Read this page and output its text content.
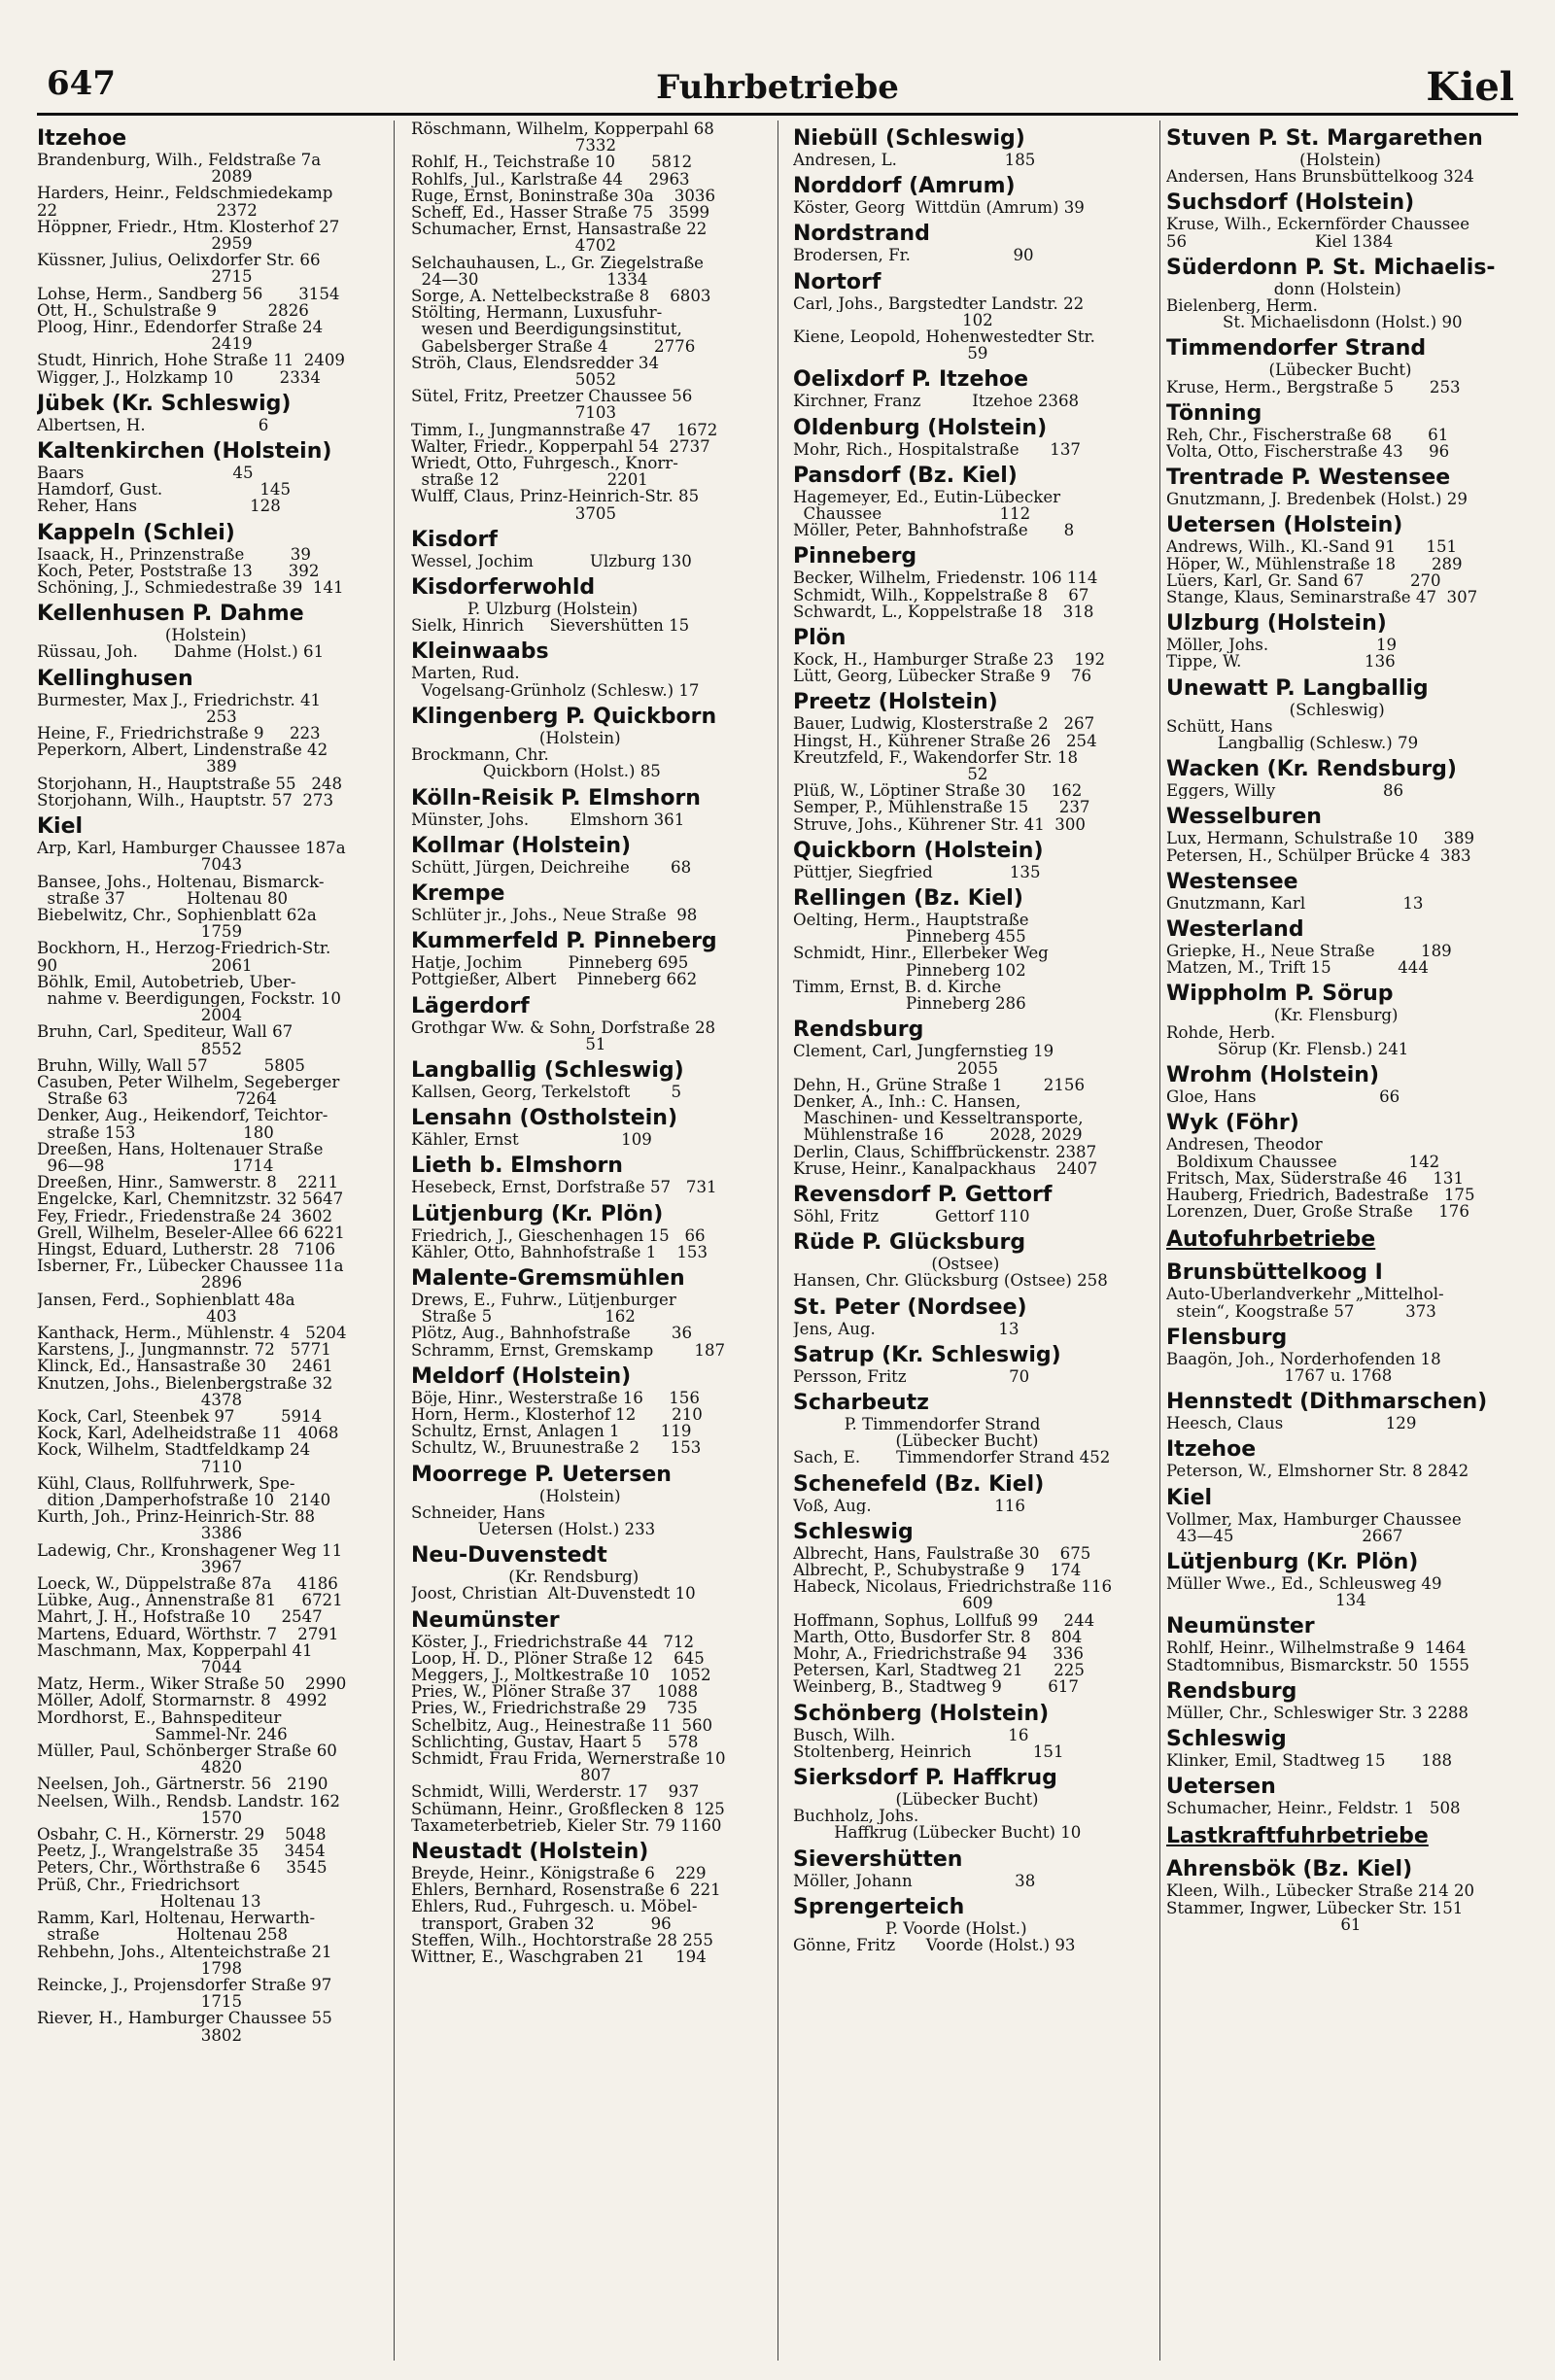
647	Fuhrbetriebe	Kiel
Itzehoe
Brandenburg, Wilh., Feldstraße 7a
2089
Harders, Heinr., Feldschmiedekamp
22                               2372
Höppner, Friedr., Htm. Klosterhof 27
2959
Küssner, Julius, Oelixdorfer Str. 66
2715
Lohse, Herm., Sandberg 56       3154
Ott, H., Schulstraße 9          2826
Ploog, Hinr., Edendorfer Straße 24
2419
Studt, Hinrich, Hohe Straße 11  2409
Wigger, J., Holzkamp 10         2334
Jübek (Kr. Schleswig)
Albertsen, H.                      6
Kaltenkirchen (Holstein)
Baars                             45
Hamdorf, Gust.                   145
Reher, Hans                      128
Kappeln (Schlei)
Isaack, H., Prinzenstraße         39
Koch, Peter, Poststraße 13       392
Schöning, J., Schmiedestraße 39  141
Kellenhusen P. Dahme
(Holstein)
Rüssau, Joh.       Dahme (Holst.) 61
Kellinghusen
Burmester, Max J., Friedrichstr. 41
253
Heine, F., Friedrichstraße 9     223
Peperkorn, Albert, Lindenstraße 42
389
Storjohann, H., Hauptstraße 55   248
Storjohann, Wilh., Hauptstr. 57  273
Kiel
Arp, Karl, Hamburger Chaussee 187a
7043
Bansee, Johs., Holtenau, Bismarck-
straße 37            Holtenau 80
Biebelwitz, Chr., Sophienblatt 62a
1759
Bockhorn, H., Herzog-Friedrich-Str.
90                              2061
Böhlk, Emil, Autobetrieb, Über-
nahme v. Beerdigungen, Fockstr. 10
2004
Bruhn, Carl, Spediteur, Wall 67
8552
Bruhn, Willy, Wall 57           5805
Casuben, Peter Wilhelm, Segeberger
Straße 63                     7264
Denker, Aug., Heikendorf, Teichtor-
straße 153                     180
Dreeßen, Hans, Holtenauer Straße
96—98                         1714
Dreeßen, Hinr., Samwerstr. 8    2211
Engelcke, Karl, Chemnitzstr. 32 5647
Fey, Friedr., Friedenstraße 24  3602
Grell, Wilhelm, Beseler-Allee 66 6221
Hingst, Eduard, Lutherstr. 28   7106
Isberner, Fr., Lübecker Chaussee 11a
2896
Jansen, Ferd., Sophienblatt 48a
403
Kanthack, Herm., Mühlenstr. 4   5204
Karstens, J., Jungmannstr. 72   5771
Klinck, Ed., Hansastraße 30     2461
Knutzen, Johs., Bielenbergstraße 32
4378
Kock, Carl, Steenbek 97         5914
Kock, Karl, Adelheidstraße 11   4068
Kock, Wilhelm, Stadtfeldkamp 24
7110
Kühl, Claus, Rollfuhrwerk, Spe-
dition ,Damperhofstraße 10   2140
Kurth, Joh., Prinz-Heinrich-Str. 88
3386
Ladewig, Chr., Kronshagener Weg 11
3967
Loeck, W., Düppelstraße 87a     4186
Lübke, Aug., Annenstraße 81     6721
Mahrt, J. H., Hofstraße 10      2547
Martens, Eduard, Wörthstr. 7    2791
Maschmann, Max, Kopperpahl 41
7044
Matz, Herm., Wiker Straße 50    2990
Möller, Adolf, Stormarnstr. 8   4992
Mordhorst, E., Bahnspediteur
Sammel-Nr. 246
Müller, Paul, Schönberger Straße 60
4820
Neelsen, Joh., Gärtnerstr. 56   2190
Neelsen, Wilh., Rendsb. Landstr. 162
1570
Osbahr, C. H., Körnerstr. 29    5048
Peetz, J., Wrangelstraße 35     3454
Peters, Chr., Wörthstraße 6     3545
Prüß, Chr., Friedrichsort
Holtenau 13
Ramm, Karl, Holtenau, Herwarth-
straße               Holtenau 258
Rehbehn, Johs., Altenteichstraße 21
1798
Reincke, J., Projensdorfer Straße 97
1715
Riever, H., Hamburger Chaussee 55
3802
Röschmann, Wilhelm, Kopperpahl 68
7332
Rohlf, H., Teichstraße 10       5812
Rohlfs, Jul., Karlstraße 44     2963
Ruge, Ernst, Boninstraße 30a    3036
Scheff, Ed., Hasser Straße 75   3599
Schumacher, Ernst, Hansastraße 22
4702
Selchauhausen, L., Gr. Ziegelstraße
24—30                         1334
Sorge, A. Nettelbeckstraße 8    6803
Stölting, Hermann, Luxusfuhr-
wesen und Beerdigungsinstitut,
Gabelsberger Straße 4         2776
Ströh, Claus, Elendsredder 34
5052
Sütel, Fritz, Preetzer Chaussee 56
7103
Timm, I., Jungmannstraße 47     1672
Walter, Friedr., Kopperpahl 54  2737
Wriedt, Otto, Fuhrgesch., Knorr-
straße 12                     2201
Wulff, Claus, Prinz-Heinrich-Str. 85
3705
Kisdorf
Wessel, Jochim           Ulzburg 130
Kisdorferwohld
P. Ulzburg (Holstein)
Sielk, Hinrich     Sievershütten 15
Kleinwaabs
Marten, Rud.
Vogelsang-Grünholz (Schlesw.) 17
Klingenberg P. Quickborn
(Holstein)
Brockmann, Chr.
Quickborn (Holst.) 85
Kölln-Reisik P. Elmshorn
Münster, Johs.        Elmshorn 361
Kollmar (Holstein)
Schütt, Jürgen, Deichreihe        68
Krempe
Schlüter jr., Johs., Neue Straße  98
Kummerfeld P. Pinneberg
Hatje, Jochim         Pinneberg 695
Pottgießer, Albert    Pinneberg 662
Lägerdorf
Grothgar Ww. & Sohn, Dorfstraße 28
51
Langballig (Schleswig)
Kallsen, Georg, Terkelstoft        5
Lensahn (Ostholstein)
Kähler, Ernst                    109
Lieth b. Elmshorn
Hesebeck, Ernst, Dorfstraße 57   731
Lütjenburg (Kr. Plön)
Friedrich, J., Gieschenhagen 15   66
Kähler, Otto, Bahnhofstraße 1    153
Malente-Gremsmühlen
Drews, E., Fuhrw., Lütjenburger
Straße 5                      162
Plötz, Aug., Bahnhofstraße        36
Schramm, Ernst, Gremskamp        187
Meldorf (Holstein)
Böje, Hinr., Westerstraße 16     156
Horn, Herm., Klosterhof 12       210
Schultz, Ernst, Anlagen 1        119
Schultz, W., Bruunestraße 2      153
Moorrege P. Uetersen
(Holstein)
Schneider, Hans
Uetersen (Holst.) 233
Neu-Duvenstedt
(Kr. Rendsburg)
Joost, Christian  Alt-Duvenstedt 10
Neumünster
Köster, J., Friedrichstraße 44   712
Loop, H. D., Plöner Straße 12    645
Meggers, J., Moltkestraße 10    1052
Pries, W., Plöner Straße 37     1088
Pries, W., Friedrichstraße 29    735
Schelbitz, Aug., Heinestraße 11  560
Schlichting, Gustav, Haart 5     578
Schmidt, Frau Frida, Wernerstraße 10
807
Schmidt, Willi, Werderstr. 17    937
Schümann, Heinr., Großflecken 8  125
Taxameterbetrieb, Kieler Str. 79 1160
Neustadt (Holstein)
Breyde, Heinr., Königstraße 6    229
Ehlers, Bernhard, Rosenstraße 6  221
Ehlers, Rud., Fuhrgesch. u. Möbel-
transport, Graben 32           96
Steffen, Wilh., Hochtorstraße 28 255
Wittner, E., Waschgraben 21      194
Niebüll (Schleswig)
Andresen, L.                     185
Norddorf (Amrum)
Köster, Georg  Wittdün (Amrum) 39
Nordstrand
Brodersen, Fr.                    90
Nortorf
Carl, Johs., Bargstedter Landstr. 22
102
Kiene, Leopold, Hohenwestedter Str.
59
Oelixdorf P. Itzehoe
Kirchner, Franz          Itzehoe 2368
Oldenburg (Holstein)
Mohr, Rich., Hospitalstraße      137
Pansdorf (Bz. Kiel)
Hagemeyer, Ed., Eutin-Lübecker
Chaussee                       112
Möller, Peter, Bahnhofstraße       8
Pinneberg
Becker, Wilhelm, Friedenstr. 106 114
Schmidt, Wilh., Koppelstraße 8    67
Schwardt, L., Koppelstraße 18    318
Plön
Kock, H., Hamburger Straße 23    192
Lütt, Georg, Lübecker Straße 9    76
Preetz (Holstein)
Bauer, Ludwig, Klosterstraße 2   267
Hingst, H., Kührener Straße 26   254
Kreutzfeld, F., Wakendorfer Str. 18
52
Plüß, W., Löptiner Straße 30     162
Semper, P., Mühlenstraße 15      237
Struve, Johs., Kührener Str. 41  300
Quickborn (Holstein)
Püttjer, Siegfried               135
Rellingen (Bz. Kiel)
Oelting, Herm., Hauptstraße
Pinneberg 455
Schmidt, Hinr., Ellerbeker Weg
Pinneberg 102
Timm, Ernst, B. d. Kirche
Pinneberg 286
Rendsburg
Clement, Carl, Jungfernstieg 19
2055
Dehn, H., Grüne Straße 1        2156
Denker, A., Inh.: C. Hansen,
Maschinen- und Kesseltransporte,
Mühlenstraße 16         2028, 2029
Derlin, Claus, Schiffbrückenstr. 2387
Kruse, Heinr., Kanalpackhaus    2407
Revensdorf P. Gettorf
Söhl, Fritz           Gettorf 110
Rüde P. Glücksburg
(Ostsee)
Hansen, Chr. Glücksburg (Ostsee) 258
St. Peter (Nordsee)
Jens, Aug.                        13
Satrup (Kr. Schleswig)
Persson, Fritz                    70
Scharbeutz
P. Timmendorfer Strand
(Lübecker Bucht)
Sach, E.       Timmendorfer Strand 452
Schenefeld (Bz. Kiel)
Voß, Aug.                        116
Schleswig
Albrecht, Hans, Faulstraße 30    675
Albrecht, P., Schubystraße 9     174
Habeck, Nicolaus, Friedrichstraße 116
609
Hoffmann, Sophus, Lollfuß 99     244
Marth, Otto, Busdorfer Str. 8    804
Mohr, A., Friedrichstraße 94     336
Petersen, Karl, Stadtweg 21      225
Weinberg, B., Stadtweg 9         617
Schönberg (Holstein)
Busch, Wilh.                      16
Stoltenberg, Heinrich            151
Sierksdorf P. Haffkrug
(Lübecker Bucht)
Buchholz, Johs.
Haffkrug (Lübecker Bucht) 10
Sievershütten
Möller, Johann                    38
Sprengerteich
P. Voorde (Holst.)
Gönne, Fritz      Voorde (Holst.) 93
Stuven P. St. Margarethen
(Holstein)
Andersen, Hans Brunsbüttelkoog 324
Suchsdorf (Holstein)
Kruse, Wilh., Eckernförder Chaussee
56                         Kiel 1384
Süderdonn P. St. Michaelis-
donn (Holstein)
Bielenberg, Herm.
St. Michaelisdonn (Holst.) 90
Timmendorfer Strand
(Lübecker Bucht)
Kruse, Herm., Bergstraße 5       253
Tönning
Reh, Chr., Fischerstraße 68       61
Volta, Otto, Fischerstraße 43     96
Trentrade P. Westensee
Gnutzmann, J. Bredenbek (Holst.) 29
Uetersen (Holstein)
Andrews, Wilh., Kl.-Sand 91      151
Höper, W., Mühlenstraße 18       289
Lüers, Karl, Gr. Sand 67         270
Stange, Klaus, Seminarstraße 47  307
Ulzburg (Holstein)
Möller, Johs.                     19
Tippe, W.                        136
Unewatt P. Langballig
(Schleswig)
Schütt, Hans
Langballig (Schlesw.) 79
Wacken (Kr. Rendsburg)
Eggers, Willy                     86
Wesselburen
Lux, Hermann, Schulstraße 10     389
Petersen, H., Schülper Brücke 4  383
Westensee
Gnutzmann, Karl                   13
Westerland
Griepke, H., Neue Straße         189
Matzen, M., Trift 15             444
Wippholm P. Sörup
(Kr. Flensburg)
Rohde, Herb.
Sörup (Kr. Flensb.) 241
Wrohm (Holstein)
Gloe, Hans                        66
Wyk (Föhr)
Andresen, Theodor
Boldixum Chaussee              142
Fritsch, Max, Süderstraße 46     131
Hauberg, Friedrich, Badestraße   175
Lorenzen, Duer, Große Straße     176
Autofuhrbetriebe
Brunsbüttelkoog I
Auto-Überlandverkehr „Mittelhol-
stein“, Koogstraße 57          373
Flensburg
Baagön, Joh., Norderhofenden 18
1767 u. 1768
Hennstedt (Dithmarschen)
Heesch, Claus                    129
Itzehoe
Peterson, W., Elmshorner Str. 8 2842
Kiel
Vollmer, Max, Hamburger Chaussee
43—45                         2667
Lütjenburg (Kr. Plön)
Müller Wwe., Ed., Schleusweg 49
134
Neumünster
Rohlf, Heinr., Wilhelmstraße 9  1464
Stadtomnibus, Bismarckstr. 50  1555
Rendsburg
Müller, Chr., Schleswiger Str. 3 2288
Schleswig
Klinker, Emil, Stadtweg 15       188
Uetersen
Schumacher, Heinr., Feldstr. 1   508
Lastkraftfuhrbetriebe
Ahrensbök (Bz. Kiel)
Kleen, Wilh., Lübecker Straße 214 20
Stammer, Ingwer, Lübecker Str. 151
61
